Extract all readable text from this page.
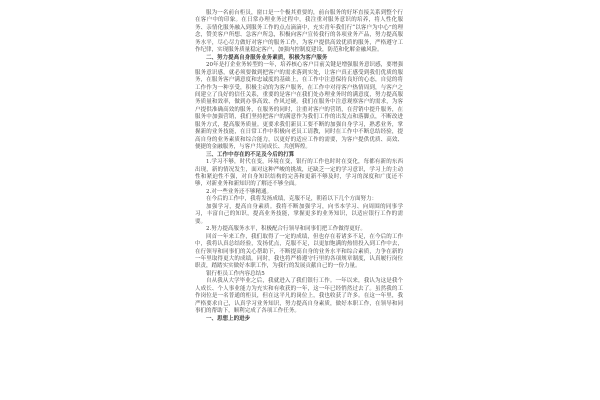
服为一名前台柜员，窗口是一个极其重要的，前台服务的好坏直接关系到整个行在客户中的印象。在日常办理业务过程中，我注重对服务意识的培养，将人性化服务、亲情化服务融入到服务工作的点点滴滴中，充实青年我们行“以客户为中心”的理念，赞美客户所想、急客户所急，积极向客户宣传我行的各项业务产品，努力提高服务水平，尽心尽力做好对客户的服务工作，为客户提供高效优质的服务，严格遵守工作纪律，实现服务质量稳定客户，加强内控制度建设，防范和化解金融风险。

二、努力提高自身服务业务素质，积极为客户服务

20年是打企业务转型的一年，培养核心客户目前关键是增强服务意识感，要增强服务意识感，就必须要做到把客户的需求落到实处，让客户真正感受到我们优质的服务，在服务客户满意度和忠诚度的基础上，在工作中注意保持良好的心态，自觉的将工作作为一种享受，积极主动的为客户服务，在工作中对待客户热情周到，与客户之间建立了良好的信任关系，重要的是客户在我们处办理业务时的满意度，努力提高服务质量和效率，做到办事高效、作风过硬。我们在服务中注意观察客户的需求，为客户提供准确高效的服务，在服务的同时，注重对客户的营销，在营销中提升服务，在服务中加强营销，我们坚持把客户的满意作为我们工作的出发点和落脚点，不断改进服务方式，提高服务质量。更要求我们新员工要不断的加强自身学习，熟悉业务，掌握新的业务技能，在日常工作中积极向老员工请教，同时在工作中不断总结经验，提高自身的业务素质和综合能力，以更好的适应工作的需要，为客户提供优质、高效、便捷的金融服务，与客户共同成长、共创辉煌。

三、工作中存在的不足及今后的打算

1.学习不够，时代在变，环境在变，银行的工作也时时在变化，每都有新的东西出现，新的情况发生，面对这种严峻的挑战，还缺乏一定的学习意识，学习上的主动性和紧迫性不强，对自身知识结构的完善和更新不够及时，学习的深度和广度还不够，对新业务和新知识的了解还不够全面。

2.对一些业务还不够精通。

在今后的工作中，我将发扬成绩，克服不足，朝着以下几个方面努力：

加强学习，提高自身素质。我将不断加强学习，向书本学习、向周围的同事学习，丰富自己的知识，提高业务技能，掌握更多的业务知识，以适应银行工作的需要。

2.努力提高服务水平，积极配合行领导和同事们把工作做得更好。

回首一年来工作，我们取得了一定的成绩，但也存在着诸多不足，在今后的工作中，我将认真总结经验，发扬优点，克服不足，以更加饱满的热情投入到工作中去，在行领导和同事们的关心帮助下，不断提高自身的业务水平和综合素质，力争在新的一年里取得更大的成绩。同时，我也将严格遵守行里的各项规章制度，认真履行岗位职责，踏踏实实做好本职工作，为我行的发展贡献自己的一份力量。

银行柜员工作内容总结5

自从我从大学毕业之后，我就进入了我们银行工作。一年以来，我认为这是我个人成长、个人事业能力为充实和有收获的一年，这一年已经悄然过去了。虽然我的工作岗位是一名普通的柜员，但在这平凡的岗位上，我也收获了许多。在这一年里，我严格要求自己，认真学习业务知识，努力提高自身素质，做好本职工作，在领导和同事们的帮助下，顺利完成了各项工作任务。

一、思想上的进步
